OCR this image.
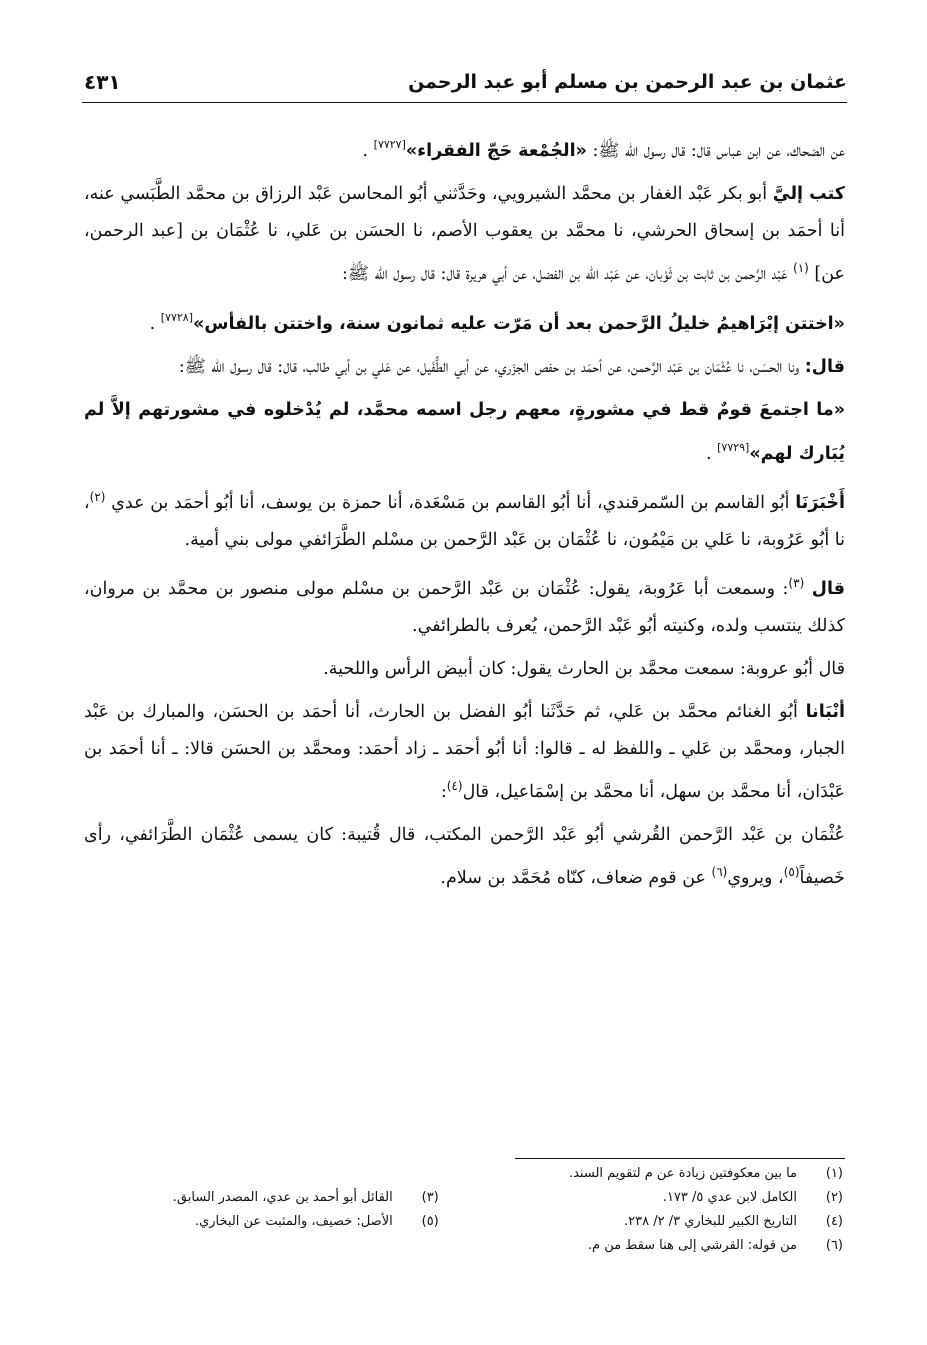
عثمان بن عبد الرحمن بن مسلم أبو عبد الرحمن
٤٣١

عن الضحاك، عن ابن عباس قال: قال رسول الله ﷺ: «الجُمْعة حَجّ الفقراء»[٧٧٢٧] .

كتب إليَّ أبو بكر عَبْد الغفار بن محمَّد الشيرويي، وحَدَّثني أبُو المحاسن عَبْد الرزاق بن محمَّد الطَّبَسي عنه، أنا أحمَد بن إسحاق الحرشي، نا محمَّد بن يعقوب الأصم، نا الحسَن بن عَلي، نا عُثْمَان بن [عبد الرحمن، عن] $^{(١)}$ عَبْد الرَّحمن بن ثابت بن ثَوْبان، عن عَبْد اللّه بن الفضل، عن أبي هريرة قال: قال رسول الله ﷺ:

«اختتن إبْرَاهيمُ خليلُ الرَّحمن بعد أن مَرّت عليه ثمانون سنة، واختتن بالفأس»[٧٧٢٨] .

قال: ونا الحسَن، نا عُثْمَان بن عَبْد الرَّحمن، عن أحمَد بن حفص الجزَري، عن أبي الطُّفَيل، عن عَلي بن أبي طالب، قال: قال رسول الله ﷺ:

«ما اجتمعَ قومٌ قط في مشورةٍ، معهم رجل اسمه محمَّد، لم يُدْخلوه في مشورتهم إلاَّ لم يُبَارك لهم»[٧٧٢٩] .

أَخْبَرَنَا أبُو القاسم بن السّمرقندي، أنا أبُو القاسم بن مَسْعَدة، أنا حمزة بن يوسف، أنا أبُو أحمَد بن عدي $^{(٢)}$، نا أبُو عَرُوبة، نا عَلي بن مَيْمُون، نا عُثْمَان بن عَبْد الرَّحمن بن مسْلم الطَّرَائفي مولى بني أمية.

قال $^{(٣)}$: وسمعت أبا عَرُوبة، يقول: عُثْمَان بن عَبْد الرَّحمن بن مسْلم مولى منصور بن محمَّد بن مروان، كذلك ينتسب ولده، وكنيته أبُو عَبْد الرَّحمن، يُعرف بالطرائفي.

قال أبُو عروبة: سمعت محمَّد بن الحارث يقول: كان أبيض الرأس واللحية.

أنْبَانا أبُو الغنائم محمَّد بن عَلي، ثم حَدَّثَنا أبُو الفضل بن الحارث، أنا أحمَد بن الحسَن، والمبارك بن عَبْد الجبار، ومحمَّد بن عَلي ـ واللفظ له ـ قالوا: أنا أبُو أحمَد ـ زاد أحمَد: ومحمَّد بن الحسَن قالا: ـ أنا أحمَد بن عَبْدَان، أنا محمَّد بن سهل، أنا محمَّد بن إسْمَاعيل، قال$^{(٤)}$:

عُثْمَان بن عَبْد الرَّحمن القُرشي أبُو عَبْد الرَّحمن المكتب، قال قُتيبة: كان يسمى عُثْمَان الطَّرَائفي، رأى خَصيفاً$^{(٥)}$، ويروي$^{(٦)}$ عن قوم ضعاف، كنّاه مُحَمَّد بن سلام.

(١)
ما بين معكوفتين زيادة عن م لتقويم السند.
(٢)
الكامل لابن عدي ٥/ ١٧٣.
(٣)
القائل أبو أحمد بن عدي، المصدر السابق.
(٤)
التاريخ الكبير للبخاري ٣/ ٢/ ٢٣٨.
(٥)
الأصل: خصيف، والمثبت عن البخاري.
(٦)
من قوله: القرشي إلى هنا سقط من م.
